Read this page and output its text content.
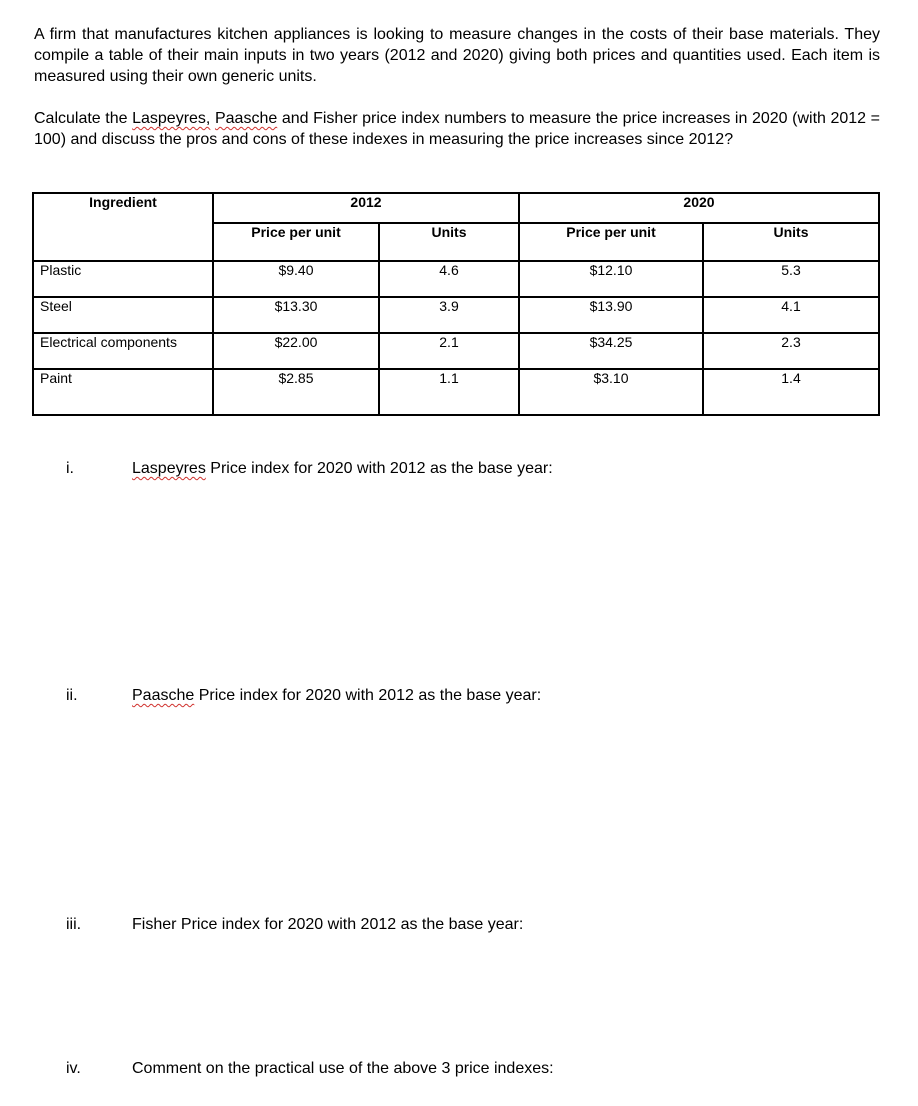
A firm that manufactures kitchen appliances is looking to measure changes in the costs of their base materials. They compile a table of their main inputs in two years (2012 and 2020) giving both prices and quantities used. Each item is measured using their own generic units.

Calculate the Laspeyres, Paasche and Fisher price index numbers to measure the price increases in 2020 (with 2012 = 100) and discuss the pros and cons of these indexes in measuring the price increases since 2012?

Ingredient	2012		2020	
	Price per unit	Units	Price per unit	Units
Plastic	$9.40	4.6	$12.10	5.3
Steel	$13.30	3.9	$13.90	4.1
Electrical components	$22.00	2.1	$34.25	2.3
Paint	$2.85	1.1	$3.10	1.4
i.	Laspeyres Price index for 2020 with 2012 as the base year:
ii.	Paasche Price index for 2020 with 2012 as the base year:
iii.	Fisher Price index for 2020 with 2012 as the base year:
iv.	Comment on the practical use of the above 3 price indexes:
